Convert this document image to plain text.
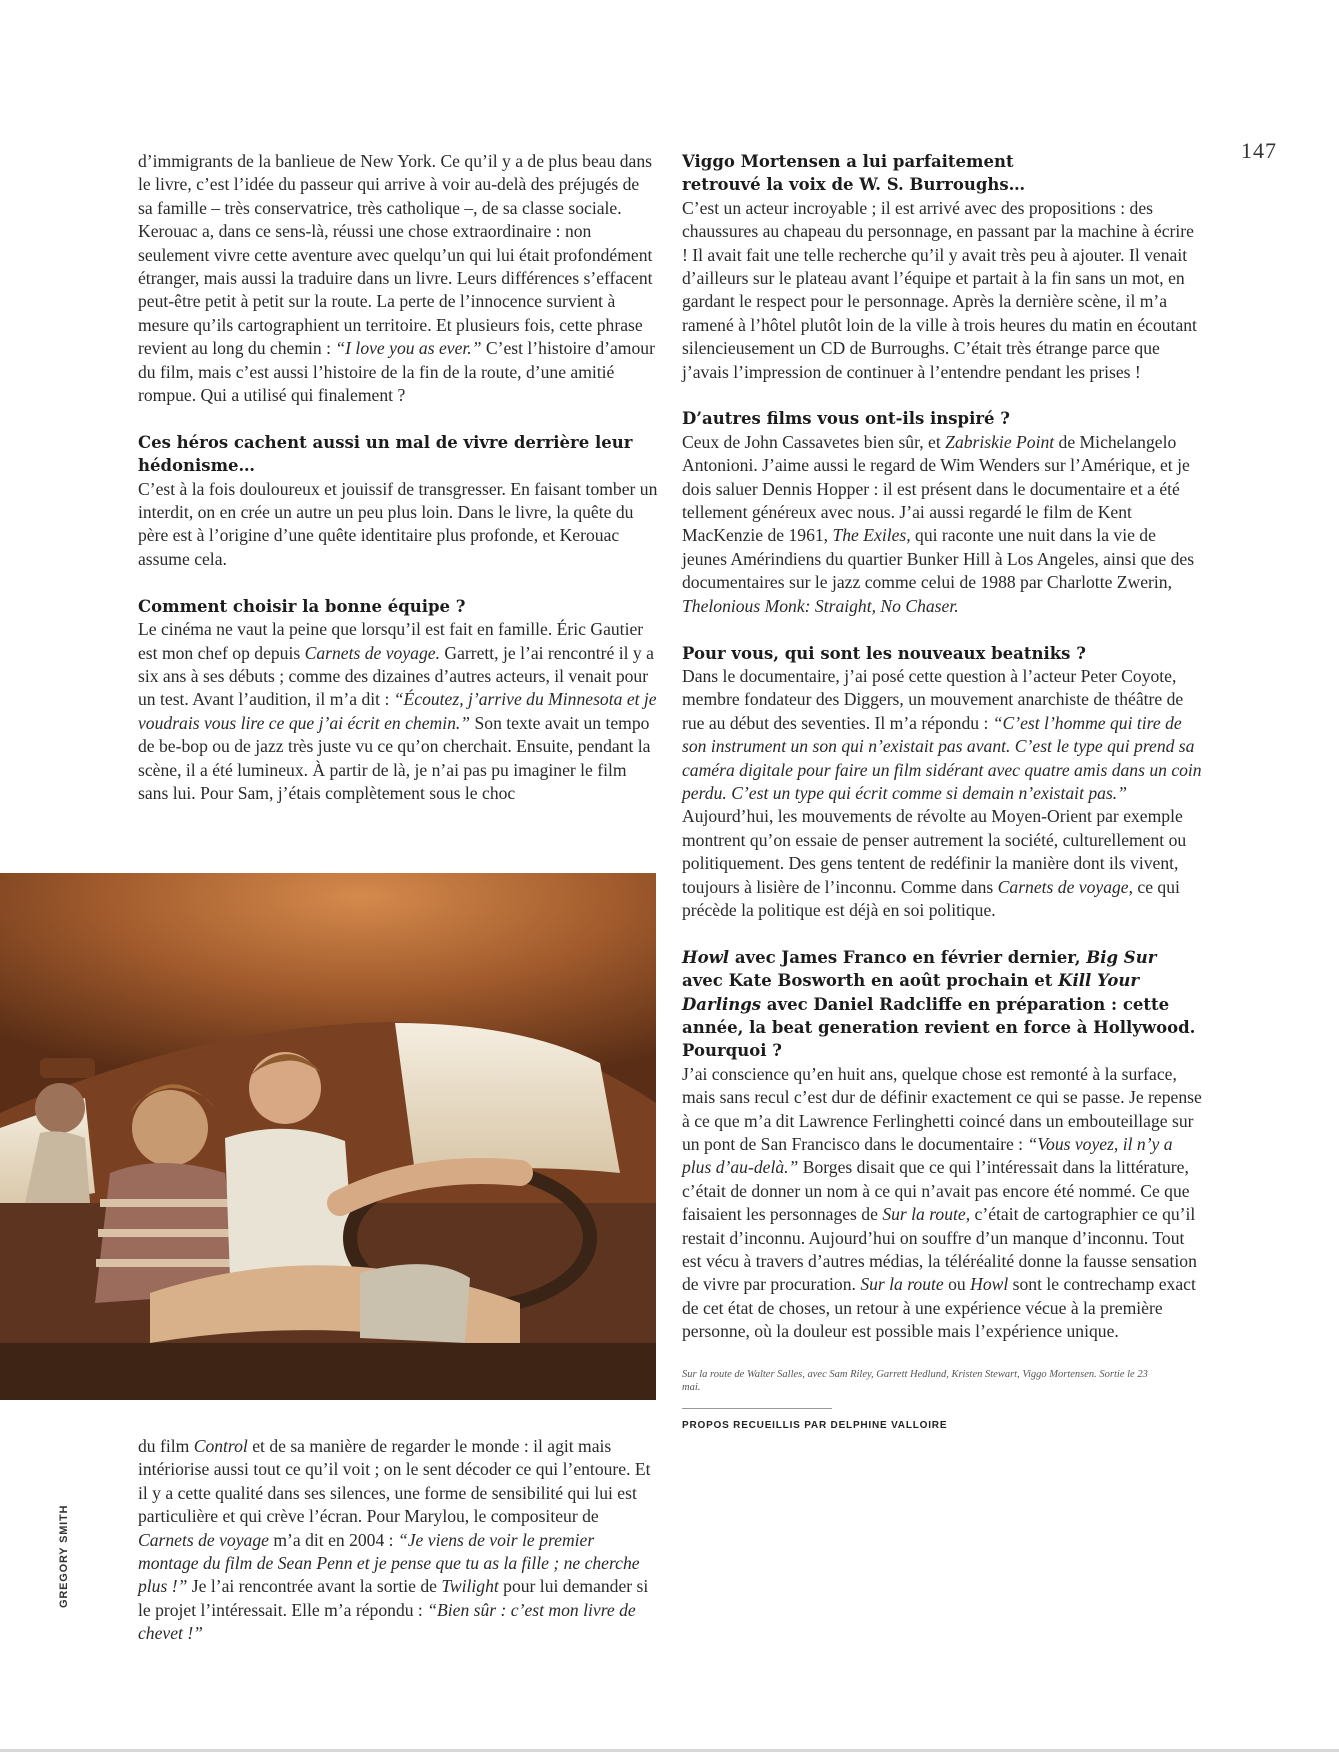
147

d’immigrants de la banlieue de New York. Ce qu’il y a de plus beau dans le livre, c’est l’idée du passeur qui arrive à voir au-delà des préjugés de sa famille – très conservatrice, très catholique –, de sa classe sociale. Kerouac a, dans ce sens-là, réussi une chose extraordinaire : non seulement vivre cette aventure avec quelqu’un qui lui était profondément étranger, mais aussi la traduire dans un livre. Leurs différences s’effacent peut-être petit à petit sur la route. La perte de l’innocence survient à mesure qu’ils cartographient un territoire. Et plusieurs fois, cette phrase revient au long du chemin : “I love you as ever.” C’est l’histoire d’amour du film, mais c’est aussi l’histoire de la fin de la route, d’une amitié rompue. Qui a utilisé qui finalement ?

Ces héros cachent aussi un mal de vivre derrière leur hédonisme…

C’est à la fois douloureux et jouissif de transgresser. En faisant tomber un interdit, on en crée un autre un peu plus loin. Dans le livre, la quête du père est à l’origine d’une quête identitaire plus profonde, et Kerouac assume cela.

Comment choisir la bonne équipe ?

Le cinéma ne vaut la peine que lorsqu’il est fait en famille. Éric Gautier est mon chef op depuis Carnets de voyage. Garrett, je l’ai rencontré il y a six ans à ses débuts ; comme des dizaines d’autres acteurs, il venait pour un test. Avant l’audition, il m’a dit : “Écoutez, j’arrive du Minnesota et je voudrais vous lire ce que j’ai écrit en chemin.” Son texte avait un tempo de be-bop ou de jazz très juste vu ce qu’on cherchait. Ensuite, pendant la scène, il a été lumineux. À partir de là, je n’ai pas pu imaginer le film sans lui. Pour Sam, j’étais complètement sous le choc

du film Control et de sa manière de regarder le monde : il agit mais intériorise aussi tout ce qu’il voit ; on le sent décoder ce qui l’entoure. Et il y a cette qualité dans ses silences, une forme de sensibilité qui lui est particulière et qui crève l’écran. Pour Marylou, le compositeur de Carnets de voyage m’a dit en 2004 : “Je viens de voir le premier montage du film de Sean Penn et je pense que tu as la fille ; ne cherche plus !” Je l’ai rencontrée avant la sortie de Twilight pour lui demander si le projet l’intéressait. Elle m’a répondu : “Bien sûr : c’est mon livre de chevet !”

GREGORY SMITH

Viggo Mortensen a lui parfaitement retrouvé la voix de W. S. Burroughs…

C’est un acteur incroyable ; il est arrivé avec des propositions : des chaussures au chapeau du personnage, en passant par la machine à écrire ! Il avait fait une telle recherche qu’il y avait très peu à ajouter. Il venait d’ailleurs sur le plateau avant l’équipe et partait à la fin sans un mot, en gardant le respect pour le personnage. Après la dernière scène, il m’a ramené à l’hôtel plutôt loin de la ville à trois heures du matin en écoutant silencieusement un CD de Burroughs. C’était très étrange parce que j’avais l’impression de continuer à l’entendre pendant les prises !

D’autres films vous ont-ils inspiré ?

Ceux de John Cassavetes bien sûr, et Zabriskie Point de Michelangelo Antonioni. J’aime aussi le regard de Wim Wenders sur l’Amérique, et je dois saluer Dennis Hopper : il est présent dans le documentaire et a été tellement généreux avec nous. J’ai aussi regardé le film de Kent MacKenzie de 1961, The Exiles, qui raconte une nuit dans la vie de jeunes Amérindiens du quartier Bunker Hill à Los Angeles, ainsi que des documentaires sur le jazz comme celui de 1988 par Charlotte Zwerin, Thelonious Monk: Straight, No Chaser.

Pour vous, qui sont les nouveaux beatniks ?

Dans le documentaire, j’ai posé cette question à l’acteur Peter Coyote, membre fondateur des Diggers, un mouvement anarchiste de théâtre de rue au début des seventies. Il m’a répondu : “C’est l’homme qui tire de son instrument un son qui n’existait pas avant. C’est le type qui prend sa caméra digitale pour faire un film sidérant avec quatre amis dans un coin perdu. C’est un type qui écrit comme si demain n’existait pas.” Aujourd’hui, les mouvements de révolte au Moyen-Orient par exemple montrent qu’on essaie de penser autrement la société, culturellement ou politiquement. Des gens tentent de redéfinir la manière dont ils vivent, toujours à lisière de l’inconnu. Comme dans Carnets de voyage, ce qui précède la politique est déjà en soi politique.

Howl avec James Franco en février dernier, Big Sur avec Kate Bosworth en août prochain et Kill Your Darlings avec Daniel Radcliffe en préparation : cette année, la beat generation revient en force à Hollywood. Pourquoi ?

J’ai conscience qu’en huit ans, quelque chose est remonté à la surface, mais sans recul c’est dur de définir exactement ce qui se passe. Je repense à ce que m’a dit Lawrence Ferlinghetti coincé dans un embouteillage sur un pont de San Francisco dans le documentaire : “Vous voyez, il n’y a plus d’au-delà.” Borges disait que ce qui l’intéressait dans la littérature, c’était de donner un nom à ce qui n’avait pas encore été nommé. Ce que faisaient les personnages de Sur la route, c’était de cartographier ce qu’il restait d’inconnu. Aujourd’hui on souffre d’un manque d’inconnu. Tout est vécu à travers d’autres médias, la téléréalité donne la fausse sensation de vivre par procuration. Sur la route ou Howl sont le contrechamp exact de cet état de choses, un retour à une expérience vécue à la première personne, où la douleur est possible mais l’expérience unique.

Sur la route de Walter Salles, avec Sam Riley, Garrett Hedlund, Kristen Stewart, Viggo Mortensen. Sortie le 23 mai.
PROPOS RECUEILLIS PAR DELPHINE VALLOIRE
